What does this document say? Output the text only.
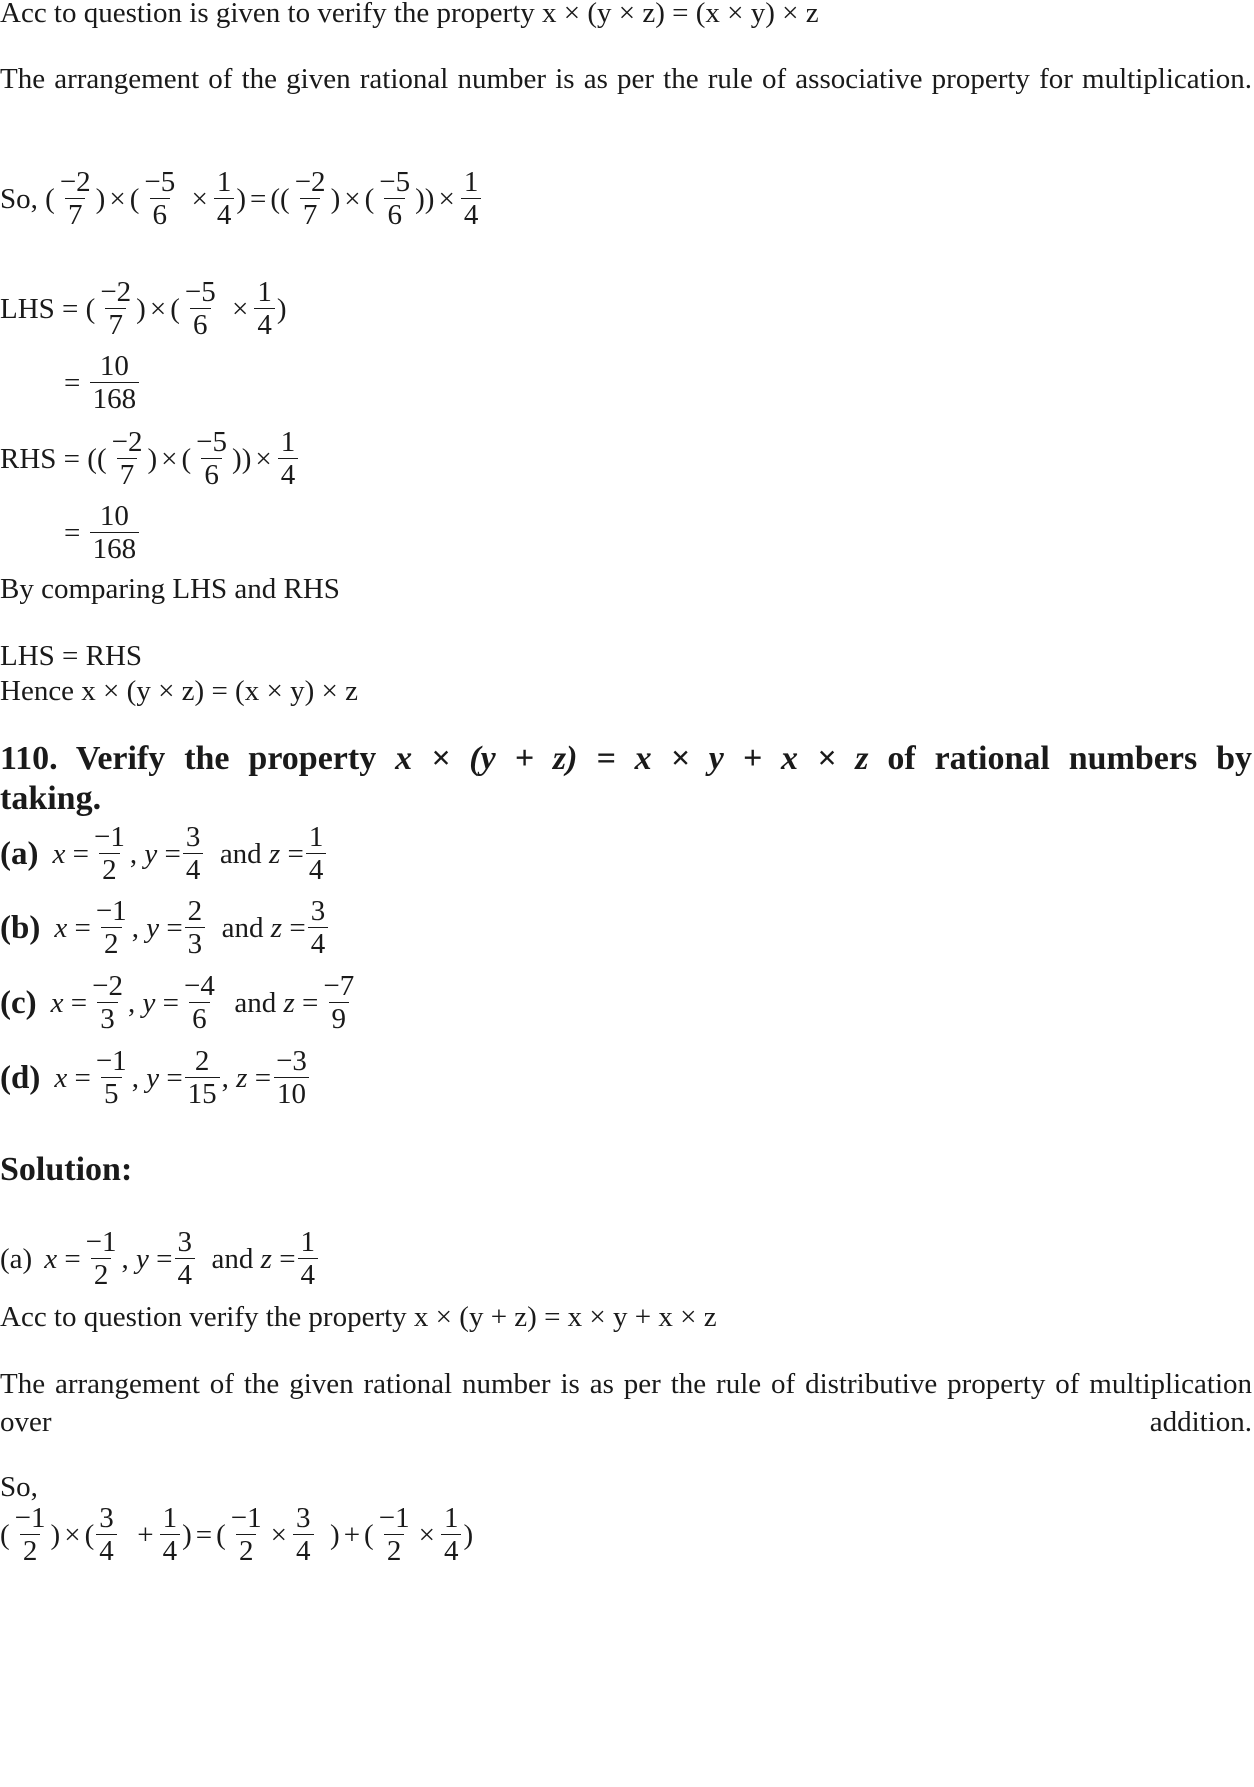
Acc to question is given to verify the property x × (y × z) = (x × y) × z
The arrangement of the given rational number is as per the rule of associative property for multiplication.
So, ( $\frac{-2}{7}$ ) × ( $\frac{-5}{6} \times \frac{1}{4}$ ) = (( $\frac{-2}{7}$ ) × ( $\frac{-5}{6}$ )) × $\frac{1}{4}$
LHS = ( $\frac{-2}{7}$ ) × ( $\frac{-5}{6} \times \frac{1}{4}$ )
= $\frac{10}{168}$
RHS = (( $\frac{-2}{7}$ ) × ( $\frac{-5}{6}$ )) × $\frac{1}{4}$
= $\frac{10}{168}$
By comparing LHS and RHS
LHS = RHS
Hence x × (y × z) = (x × y) × z
110. Verify the property x × (y + z) = x × y + x × z of rational numbers by
taking.
(a) $x = \frac{-1}{2}$ , $y = \frac{3}{4}$ and $z = \frac{1}{4}$
(b) $x = \frac{-1}{2}$ , $y = \frac{2}{3}$ and $z = \frac{3}{4}$
(c) $x = \frac{-2}{3}$ , $y = \frac{-4}{6}$ and $z = \frac{-7}{9}$
(d) $x = \frac{-1}{5}$ , $y = \frac{2}{15}$ , $z = \frac{-3}{10}$
Solution:
(a) $x = \frac{-1}{2}$ , $y = \frac{3}{4}$ and $z = \frac{1}{4}$
Acc to question verify the property x × (y + z) = x × y + x × z
The arrangement of the given rational number is as per the rule of distributive property of multiplication over addition.
So,
( $\frac{-1}{2}$ ) × ( $\frac{3}{4}$
+ $\frac{1}{4}$ ) = ( $\frac{-1}{2} \times \frac{3}{4}$ ) + ( $\frac{-1}{2} \times \frac{1}{4}$ )
